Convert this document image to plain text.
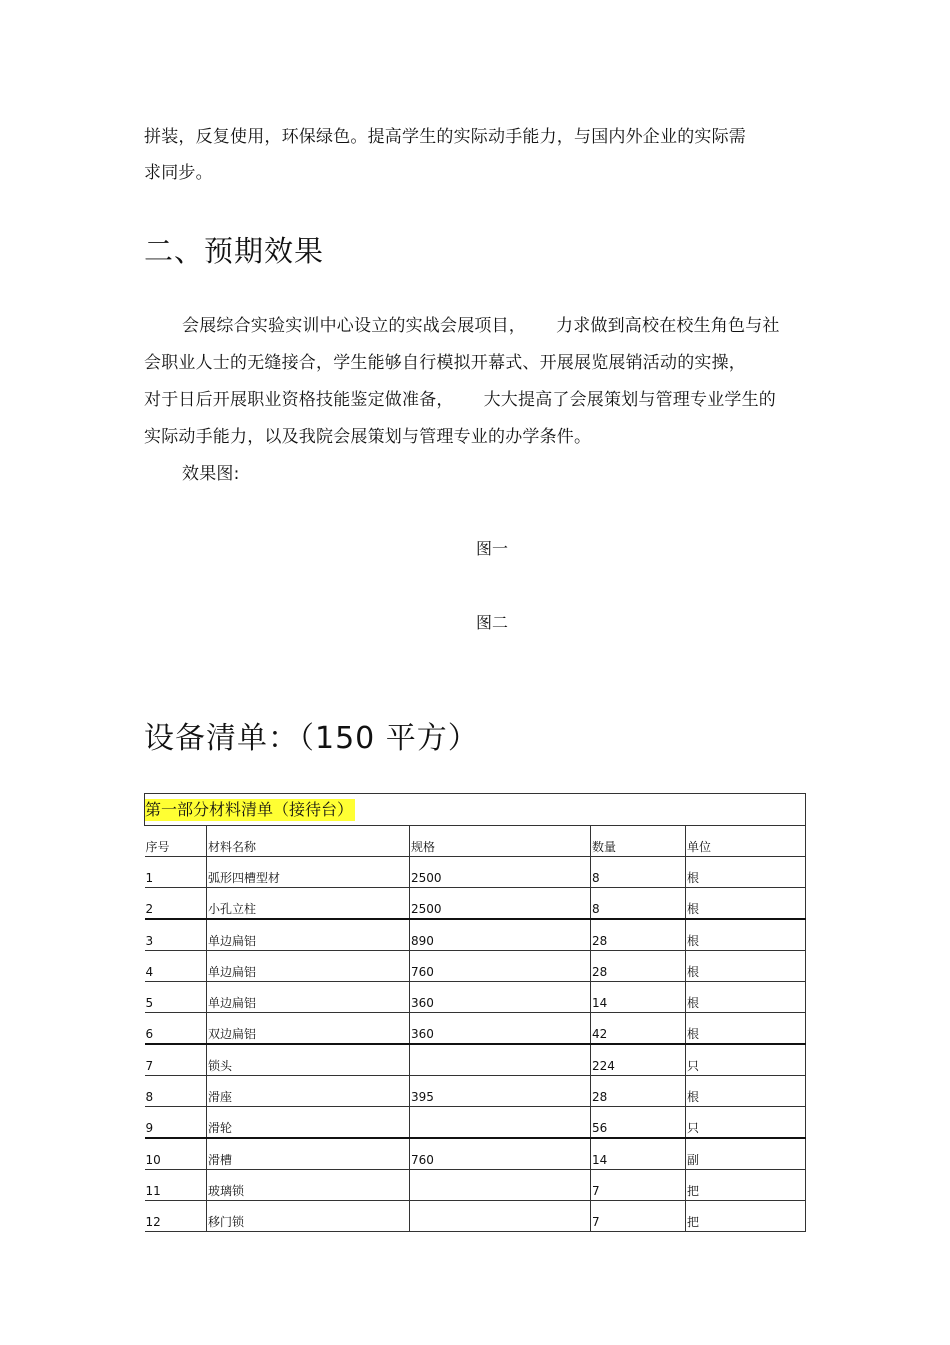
拼装，反复使用，环保绿色。提高学生的实际动手能力，与国内外企业的实际需
求同步。
二、预期效果
会展综合实验实训中心设立的实战会展项目， 力求做到高校在校生角色与社
会职业人士的无缝接合，学生能够自行模拟开幕式、开展展览展销活动的实操，
对于日后开展职业资格技能鉴定做准备， 大大提高了会展策划与管理专业学生的
实际动手能力，以及我院会展策划与管理专业的办学条件。
效果图:
图一
图二
设备清单：（150 平方）
第一部分材料清单（接待台）				

序号	材料名称	规格	数量	单位

1	弧形四槽型材	2500	8	根

2	小孔立柱	2500	8	根

3	单边扁铝	890	28	根

4	单边扁铝	760	28	根

5	单边扁铝	360	14	根

6	双边扁铝	360	42	根

7	锁头		224	只

8	滑座	395	28	根

9	滑轮		56	只

10	滑槽	760	14	副

11	玻璃锁		7	把

12	移门锁		7	把
